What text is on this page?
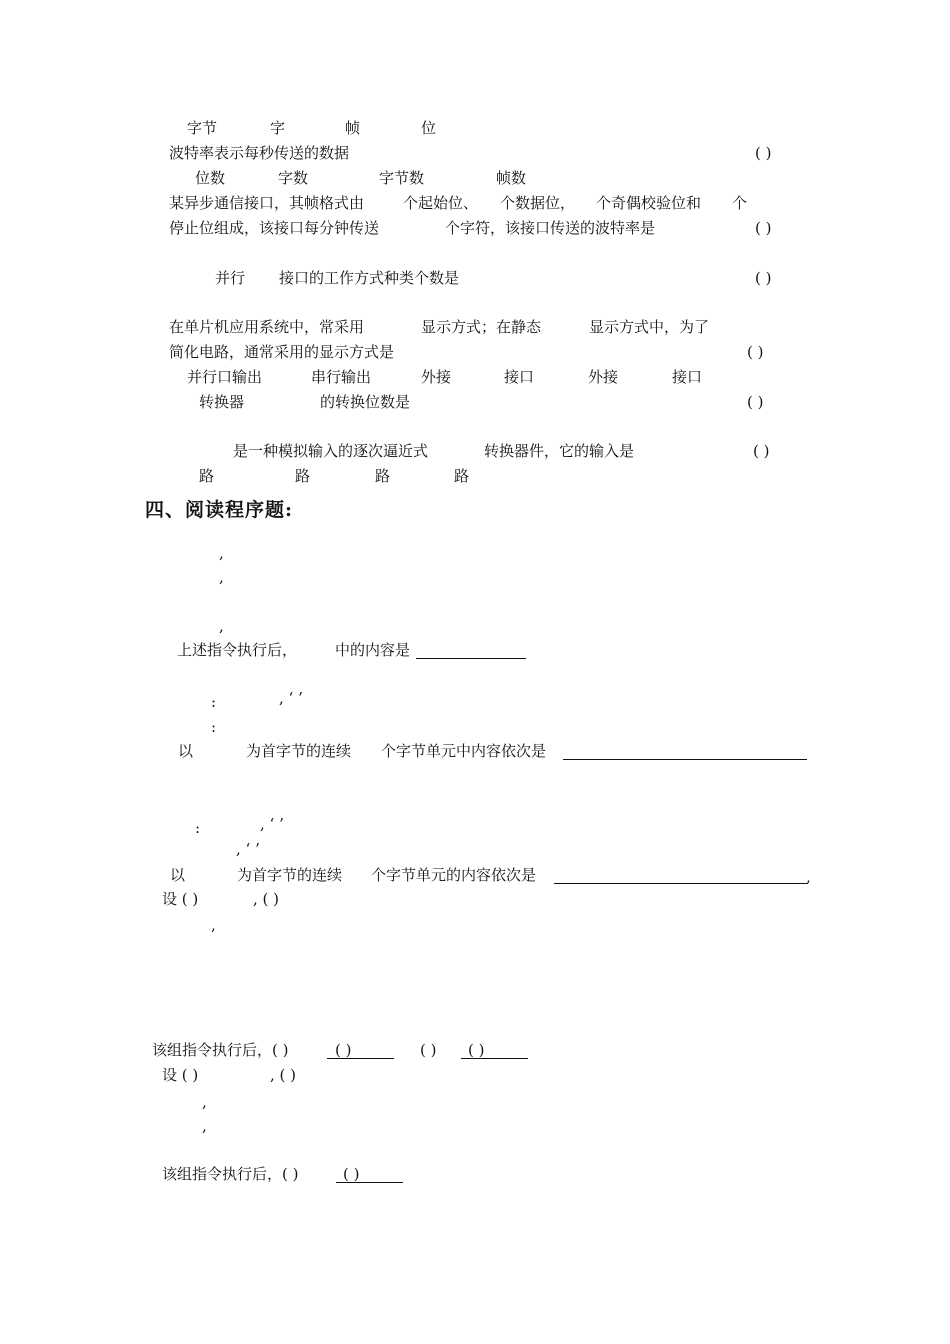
字节	字	帧	位
波特率表示每秒传送的数据	( )
位数	字数	字节数	帧数
某异步通信接口，其帧格式由	个起始位、 个数据位， 个奇偶校验位和 个
停止位组成，该接口每分钟传送	个字符，该接口传送的波特率是	( )
并行 接口的工作方式种类个数是	( )
在单片机应用系统中，常采用	显示方式；在静态	显示方式中，为了
简化电路，通常采用的显示方式是	( )
并行口输出	串行输出	外接	接口	外接	接口
转换器	的转换位数是	( )
是一种模拟输入的逐次逼近式	转换器件，它的输入是	( )
路	路	路	路
四、阅读程序题:
,
,
,
上述指令执行后，	中的内容是
:	, ‘ ’
:
以	为首字节的连续 个字节单元中内容依次是
:	, ‘ ’
, ‘ ’
以	为首字节的连续 个字节单元的内容依次是	,
设 ( )	, ( )
,
该组指令执行后，( )	( )	( ) ( )
设 ( )	, ( )
,
,
该组指令执行后，( )	( )
